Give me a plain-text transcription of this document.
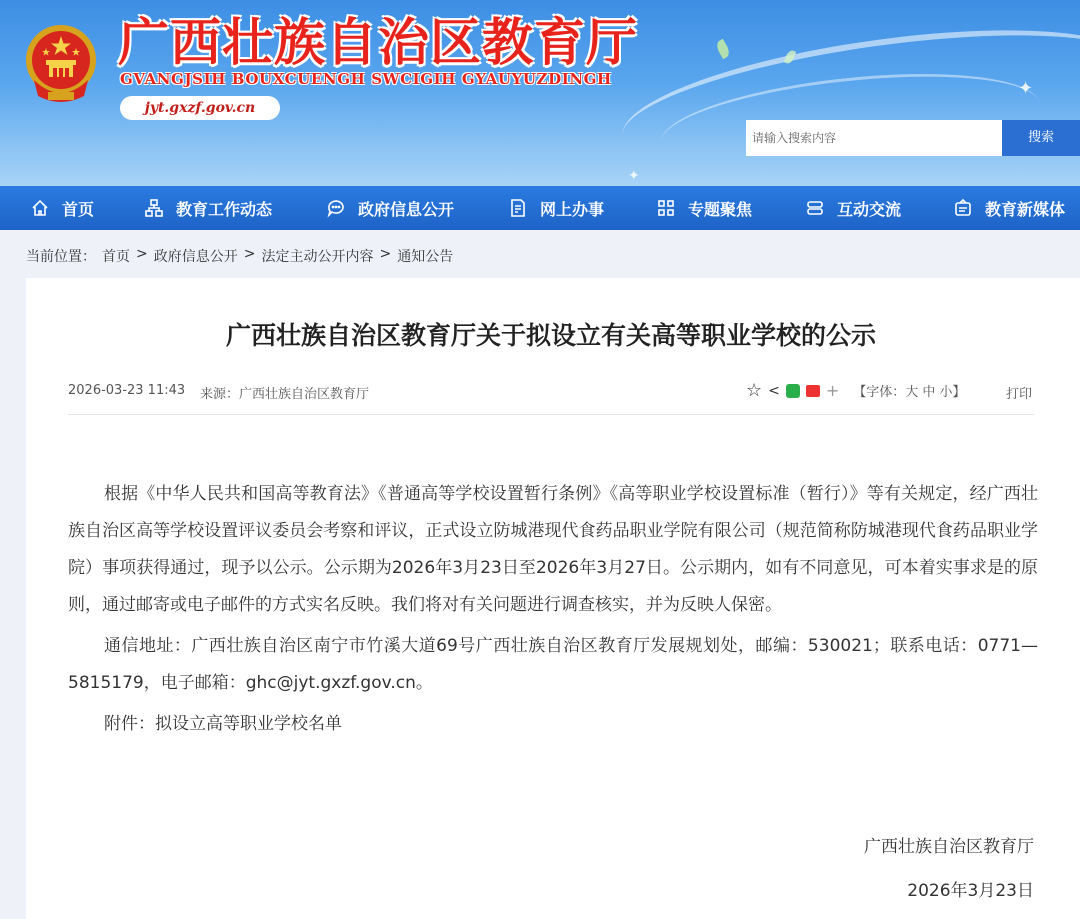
✦
✦
广西壮族自治区教育厅
GVANGJSIH BOUXCUENGH SWCIGIH GYAUYUZDINGH
jyt.gxzf.gov.cn
请输入搜索内容	搜索
首页	教育工作动态	政府信息公开	网上办事	专题聚焦	互动交流	教育新媒体
当前位置： 首页 > 政府信息公开 > 法定主动公开内容 > 通知公告
广西壮族自治区教育厅关于拟设立有关高等职业学校的公示
2026-03-23 11:43 来源：广西壮族自治区教育厅	☆ <	+ 【字体：大 中 小】	打印

根据《中华人民共和国高等教育法》《普通高等学校设置暂行条例》《高等职业学校设置标准（暂行）》等有关规定，经广西壮族自治区高等学校设置评议委员会考察和评议，正式设立防城港现代食药品职业学院有限公司（规范简称防城港现代食药品职业学院）事项获得通过，现予以公示。公示期为2026年3月23日至2026年3月27日。公示期内，如有不同意见，可本着实事求是的原则，通过邮寄或电子邮件的方式实名反映。我们将对有关问题进行调查核实，并为反映人保密。

通信地址：广西壮族自治区南宁市竹溪大道69号广西壮族自治区教育厅发展规划处，邮编：530021；联系电话：0771—5815179，电子邮箱：ghc@jyt.gxzf.gov.cn。

附件：拟设立高等职业学校名单

广西壮族自治区教育厅
2026年3月23日
